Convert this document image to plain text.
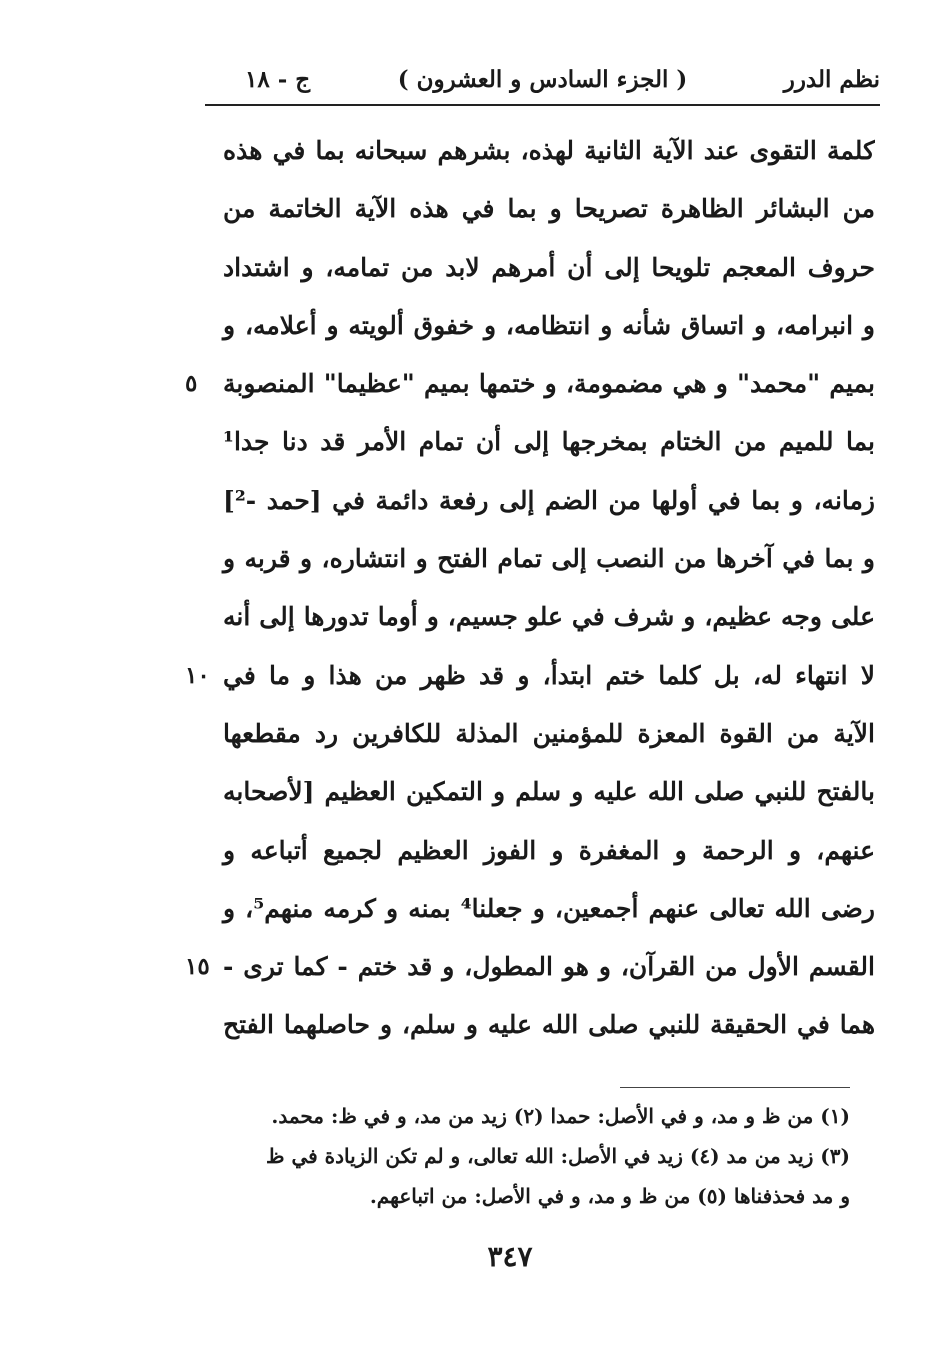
نظم الدرر
( الجزء السادس و العشرون )
ج - ١٨
كلمة التقوى عند الآية الثانية لهذه، بشرهم سبحانه بما في هذه
من البشائر الظاهرة تصريحا و بما في هذه الآية الخاتمة من
حروف المعجم تلويحا إلى أن أمرهم لابد من تمامه، و اشتداد
و انبرامه، و اتساق شأنه و انتظامه، و خفوق ألويته و أعلامه، و
بميم "محمد" و هي مضمومة، و ختمها بميم "عظيما" المنصوبة
٥
بما للميم من الختام بمخرجها إلى أن تمام الأمر قد دنا جدا¹
زمانه، و بما في أولها من الضم إلى رفعة دائمة في [حمد -²]
و بما في آخرها من النصب إلى تمام الفتح و انتشاره، و قربه و
على وجه عظيم، و شرف في علو جسيم، و أوما تدورها إلى أنه
لا انتهاء له، بل كلما ختم ابتدأ، و قد ظهر من هذا و ما في
١٠
الآية من القوة المعزة للمؤمنين المذلة للكافرين رد مقطعها
بالفتح للنبي صلى الله عليه و سلم و التمكين العظيم [لأصحابه
عنهم، و الرحمة و المغفرة و الفوز العظيم لجميع أتباعه و
رضى الله تعالى عنهم أجمعين، و جعلنا⁴ بمنه و كرمه منهم⁵، و
القسم الأول من القرآن، و هو المطول، و قد ختم - كما ترى -
١٥
هما في الحقيقة للنبي صلى الله عليه و سلم، و حاصلهما الفتح
(١) من ظ و مد، و في الأصل: حمدا (٢) زيد من مد، و في ظ: محمد.
(٣) زيد من مد (٤) زيد في الأصل: الله تعالى، و لم تكن الزيادة في ظ
و مد فحذفناها (٥) من ظ و مد، و في الأصل: من اتباعهم.
٣٤٧
